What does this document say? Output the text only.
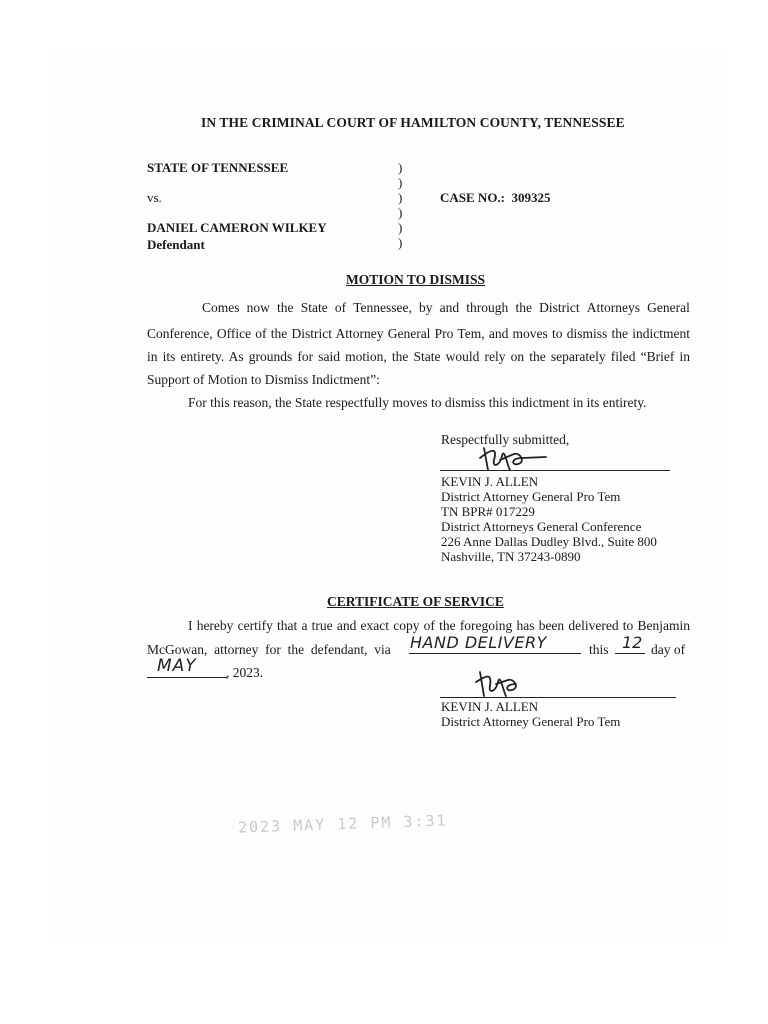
IN THE CRIMINAL COURT OF HAMILTON COUNTY, TENNESSEE
STATE OF TENNESSEE
vs.
DANIEL CAMERON WILKEY
Defendant
)
)
)
)
)
)
CASE NO.: 309325
MOTION TO DISMISS
Comes now the State of Tennessee, by and through the District Attorneys General
Conference, Office of the District Attorney General Pro Tem, and moves to dismiss the indictment
in its entirety. As grounds for said motion, the State would rely on the separately filed “Brief in
Support of Motion to Dismiss Indictment”:
For this reason, the State respectfully moves to dismiss this indictment in its entirety.
Respectfully submitted,
KEVIN J. ALLEN
District Attorney General Pro Tem
TN BPR# 017229
District Attorneys General Conference
226 Anne Dallas Dudley Blvd., Suite 800
Nashville, TN 37243-0890
CERTIFICATE OF SERVICE
I hereby certify that a true and exact copy of the foregoing has been delivered to Benjamin
McGowan, attorney for the defendant, via HAND DELIVERY	this 12 day of
MAY , 2023.
KEVIN J. ALLEN
District Attorney General Pro Tem
2023 MAY 12 PM 3:31
